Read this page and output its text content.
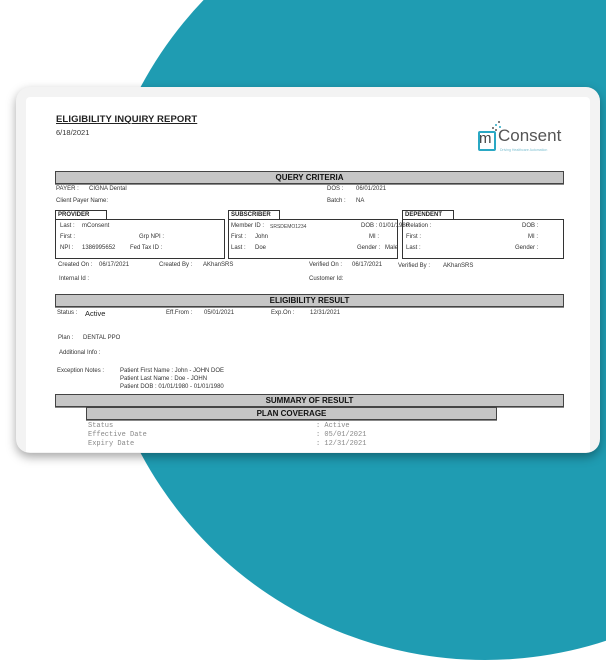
ELIGIBILITY INQUIRY REPORT
6/18/2021	m Consent
Driving Healthcare Automation
QUERY CRITERIA
PAYER : CIGNA Dental
Client Payer Name:
DOS : 06/01/2021
Batch : NA
PROVIDER
Last : mConsent
First :	Grp NPI :
NPI : 1386995652 Fed Tax ID :
SUBSCRIBER
Member ID : SRSDEMO1234	DOB : 01/01/1980
First : John	MI :
Last : Doe	Gender : Male
DEPENDENT
Relation :	DOB :
First :	MI :
Last :	Gender :
Created On : 06/17/2021	Created By : AKhanSRS	Verified On : 06/17/2021	Verified By : AKhanSRS
Internal Id :	Customer Id:
ELIGIBILITY RESULT
Status : Active	Eff.From : 05/01/2021	Exp.On :	12/31/2021
Plan : DENTAL PPO
Additional Info :
Exception Notes :	Patient First Name : John - JOHN DOE
Patient Last Name : Doe - JOHN
Patient DOB : 01/01/1980 - 01/01/1980
SUMMARY OF RESULT
PLAN COVERAGE
Status	: Active
Effective Date	: 05/01/2021
Expiry Date	: 12/31/2021
